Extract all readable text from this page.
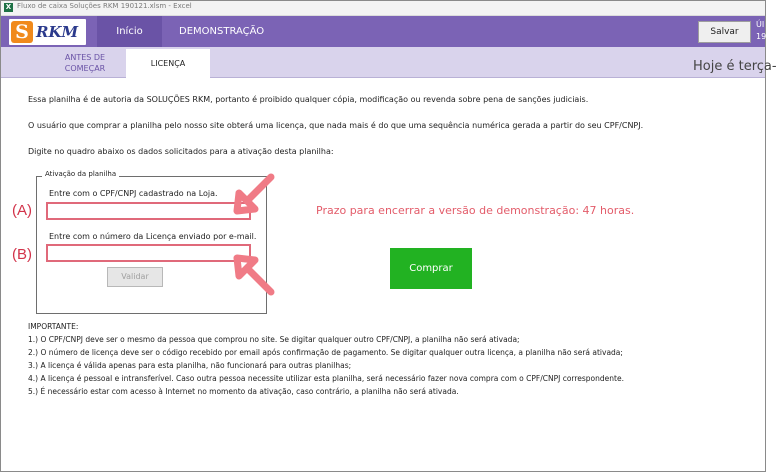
X Fluxo de caixa Soluções RKM 190121.xlsm - Excel
S RKM	Início	DEMONSTRAÇÃO	Salvar
ÚI
19
ANTES DE
COMEÇAR
LICENÇA	Hoje é terça-
Essa planilha é de autoria da SOLUÇÕES RKM, portanto é proibido qualquer cópia, modificação ou revenda sobre pena de sanções judiciais.
O usuário que comprar a planilha pelo nosso site obterá uma licença, que nada mais é do que uma sequência numérica gerada a partir do seu CPF/CNPJ.
Digite no quadro abaixo os dados solicitados para a ativação desta planilha:
Ativação da planilha
Entre com o CPF/CNPJ cadastrado na Loja.
Entre com o número da Licença enviado por e-mail.
Validar
(A)
(B)
Prazo para encerrar a versão de demonstração: 47 horas.
Comprar
IMPORTANTE:
1.) O CPF/CNPJ deve ser o mesmo da pessoa que comprou no site. Se digitar qualquer outro CPF/CNPJ, a planilha não será ativada;
2.) O número de licença deve ser o código recebido por email após confirmação de pagamento. Se digitar qualquer outra licença, a planilha não será ativada;
3.) A licença é válida apenas para esta planilha, não funcionará para outras planilhas;
4.) A licença é pessoal e intransferível. Caso outra pessoa necessite utilizar esta planilha, será necessário fazer nova compra com o CPF/CNPJ correspondente.
5.) É necessário estar com acesso à Internet no momento da ativação, caso contrário, a planilha não será ativada.
